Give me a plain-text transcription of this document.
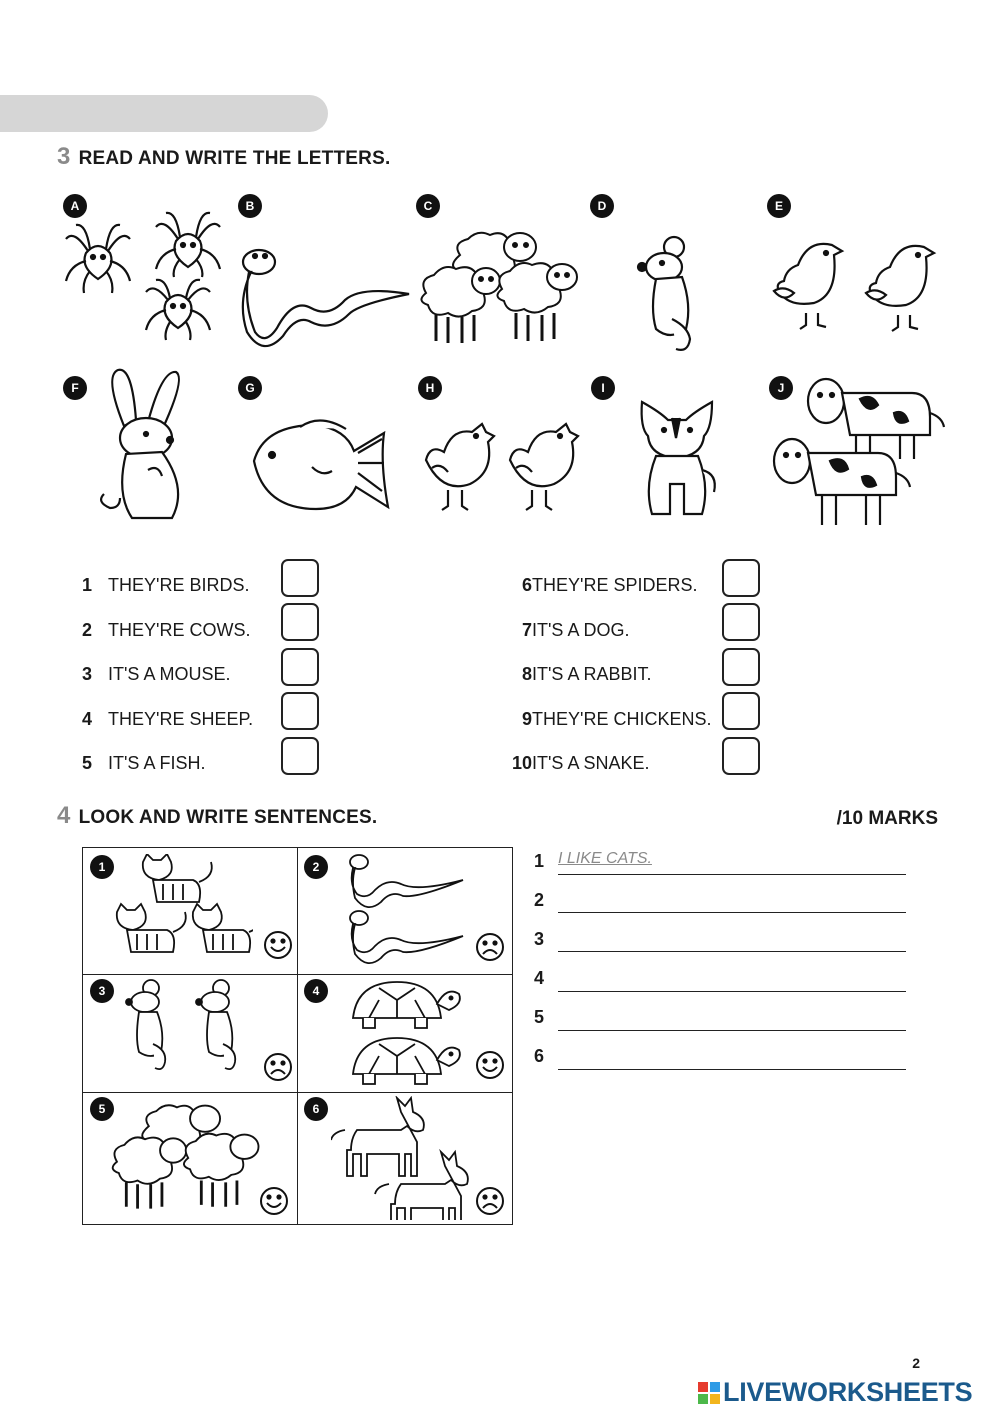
3 READ AND WRITE THE LETTERS.
A	B	C	D	E
F	G	H	I	J
1 THEY'RE BIRDS.
2 THEY'RE COWS.
3 IT'S A MOUSE.
4 THEY'RE SHEEP.
5 IT'S A FISH.
6 THEY'RE SPIDERS.
7 IT'S A DOG.
8 IT'S A RABBIT.
9 THEY'RE CHICKENS.
10 IT'S A SNAKE.
4 LOOK AND WRITE SENTENCES.	/10 MARKS
1	2
3	4
5	6
1 I LIKE CATS.
2
3
4
5
6
2
LIVEWORKSHEETS
